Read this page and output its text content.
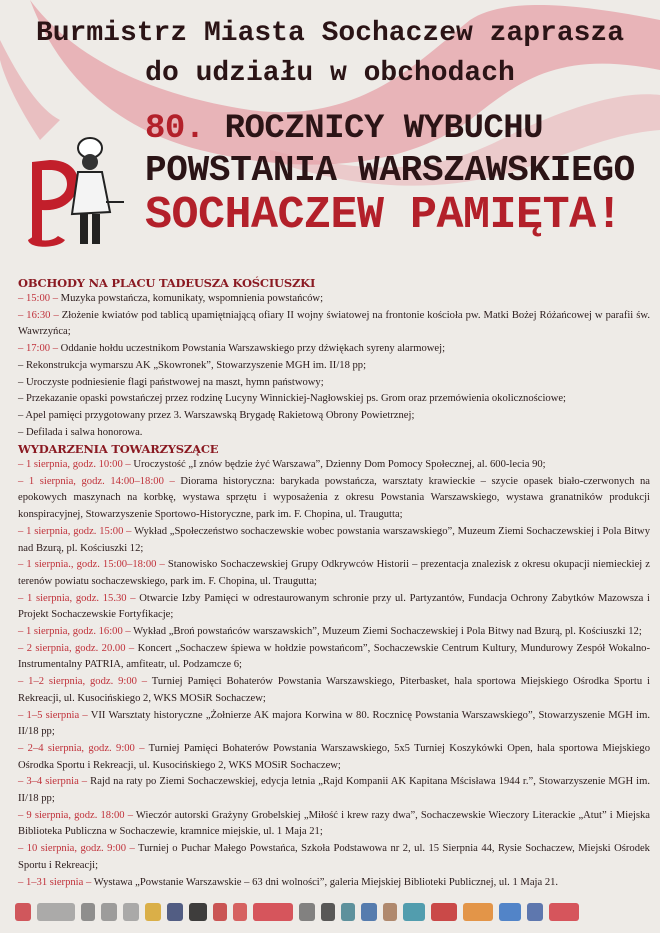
Burmistrz Miasta Sochaczew zaprasza
do udziału w obchodach
80. ROCZNICY WYBUCHU
POWSTANIA WARSZAWSKIEGO
SOCHACZEW PAMIĘTA!
OBCHODY NA PLACU TADEUSZA KOŚCIUSZKI

– 15:00 – Muzyka powstańcza, komunikaty, wspomnienia powstańców;

– 16:30 – Złożenie kwiatów pod tablicą upamiętniającą ofiary II wojny światowej na frontonie kościoła pw. Matki Bożej Różańcowej w parafii św. Wawrzyńca;

– 17:00 – Oddanie hołdu uczestnikom Powstania Warszawskiego przy dźwiękach syreny alarmowej;

– Rekonstrukcja wymarszu AK „Skowronek”, Stowarzyszenie MGH im. II/18 pp;

– Uroczyste podniesienie flagi państwowej na maszt, hymn państwowy;

– Przekazanie opaski powstańczej przez rodzinę Lucyny Winnickiej-Nagłowskiej ps. Grom oraz przemówienia okolicznościowe;

– Apel pamięci przygotowany przez 3. Warszawską Brygadę Rakietową Obrony Powietrznej;

– Defilada i salwa honorowa.

WYDARZENIA TOWARZYSZĄCE

– 1 sierpnia, godz. 10:00 – Uroczystość „I znów będzie żyć Warszawa”, Dzienny Dom Pomocy Społecznej, al. 600-lecia 90;

– 1 sierpnia, godz. 14:00–18:00 – Diorama historyczna: barykada powstańcza, warsztaty krawieckie – szycie opasek biało-czerwonych na epokowych maszynach na korbkę, wystawa sprzętu i wyposażenia z okresu Powstania Warszawskiego, wystawa granatników produkcji konspiracyjnej, Stowarzyszenie Sportowo-Historyczne, park im. F. Chopina, ul. Traugutta;

– 1 sierpnia, godz. 15:00 – Wykład „Społeczeństwo sochaczewskie wobec powstania warszawskiego”, Muzeum Ziemi Sochaczewskiej i Pola Bitwy nad Bzurą, pl. Kościuszki 12;

– 1 sierpnia., godz. 15:00–18:00 – Stanowisko Sochaczewskiej Grupy Odkrywców Historii – prezentacja znalezisk z okresu okupacji niemieckiej z terenów powiatu sochaczewskiego, park im. F. Chopina, ul. Traugutta;

– 1 sierpnia, godz. 15.30 – Otwarcie Izby Pamięci w odrestaurowanym schronie przy ul. Partyzantów, Fundacja Ochrony Zabytków Mazowsza i Projekt Sochaczewskie Fortyfikacje;

– 1 sierpnia, godz. 16:00 – Wykład „Broń powstańców warszawskich”, Muzeum Ziemi Sochaczewskiej i Pola Bitwy nad Bzurą, pl. Kościuszki 12;

– 2 sierpnia, godz. 20.00 – Koncert „Sochaczew śpiewa w hołdzie powstańcom”, Sochaczewskie Centrum Kultury, Mundurowy Zespół Wokalno-Instrumentalny PATRIA, amfiteatr, ul. Podzamcze 6;

– 1–2 sierpnia, godz. 9:00 – Turniej Pamięci Bohaterów Powstania Warszawskiego, Piterbasket, hala sportowa Miejskiego Ośrodka Sportu i Rekreacji, ul. Kusocińskiego 2, WKS MOSiR Sochaczew;

– 1–5 sierpnia – VII Warsztaty historyczne „Żołnierze AK majora Korwina w 80. Rocznicę Powstania Warszawskiego”, Stowarzyszenie MGH im. II/18 pp;

– 2–4 sierpnia, godz. 9:00 – Turniej Pamięci Bohaterów Powstania Warszawskiego, 5x5 Turniej Koszykówki Open, hala sportowa Miejskiego Ośrodka Sportu i Rekreacji, ul. Kusocińskiego 2, WKS MOSiR Sochaczew;

– 3–4 sierpnia – Rajd na raty po Ziemi Sochaczewskiej, edycja letnia „Rajd Kompanii AK Kapitana Mścisława 1944 r.”, Stowarzyszenie MGH im. II/18 pp;

– 9 sierpnia, godz. 18:00 – Wieczór autorski Grażyny Grobelskiej „Miłość i krew razy dwa”, Sochaczewskie Wieczory Literackie „Atut” i Miejska Biblioteka Publiczna w Sochaczewie, kramnice miejskie, ul. 1 Maja 21;

– 10 sierpnia, godz. 9:00 – Turniej o Puchar Małego Powstańca, Szkoła Podstawowa nr 2, ul. 15 Sierpnia 44, Rysie Sochaczew, Miejski Ośrodek Sportu i Rekreacji;

– 1–31 sierpnia – Wystawa „Powstanie Warszawskie – 63 dni wolności”, galeria Miejskiej Biblioteki Publicznej, ul. 1 Maja 21.
